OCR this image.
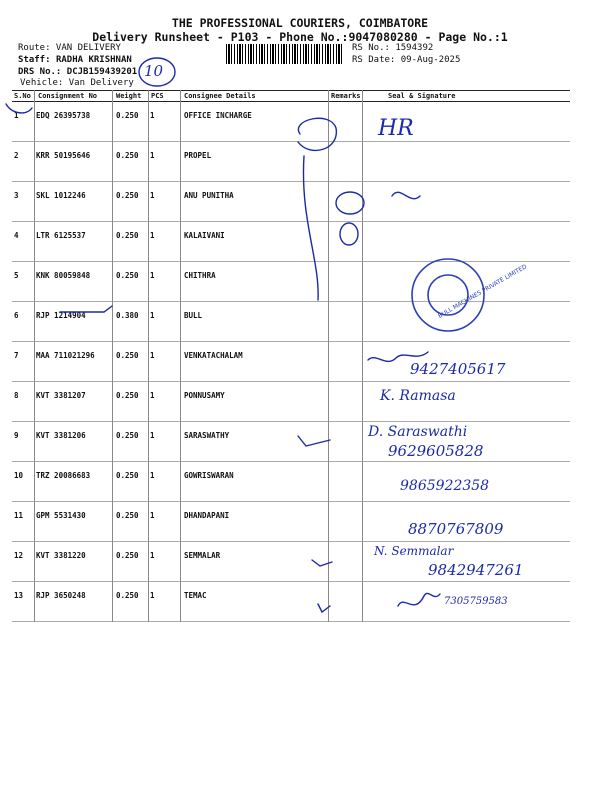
THE PROFESSIONAL COURIERS, COIMBATORE
Delivery Runsheet - P103 - Phone No.:9047080280 - Page No.:1
Route: VAN DELIVERY
Staff: RADHA KRISHNAN
DRS No.: DCJB159439201
Vehicle: Van Delivery
RS No.: 1594392
RS Date: 09-Aug-2025
S.No Consignment No	Weight PCS	Consignee Details	Remarks	Seal & Signature
1 EDQ 26395738	0.250 1	OFFICE INCHARGE
2 KRR 50195646	0.250 1	PROPEL
3 SKL 1012246	0.250 1	ANU PUNITHA
4 LTR 6125537	0.250 1	KALAIVANI
5 KNK 80059848	0.250 1	CHITHRA
6 RJP 1214904	0.380 1	BULL
7 MAA 711021296	0.250 1	VENKATACHALAM
8 KVT 3381207	0.250 1	PONNUSAMY
9 KVT 3381206	0.250 1	SARASWATHY
10 TRZ 20086683	0.250 1	GOWRISWARAN
11 GPM 5531430	0.250 1	DHANDAPANI
12 KVT 3381220	0.250 1	SEMMALAR
13 RJP 3650248	0.250 1	TEMAC
10
HR
BULL MACHINES PRIVATE LIMITED
9427405617
K. Ramasa
D. Saraswathi
9629605828
9865922358
8870767809
N. Semmalar
9842947261
7305759583
